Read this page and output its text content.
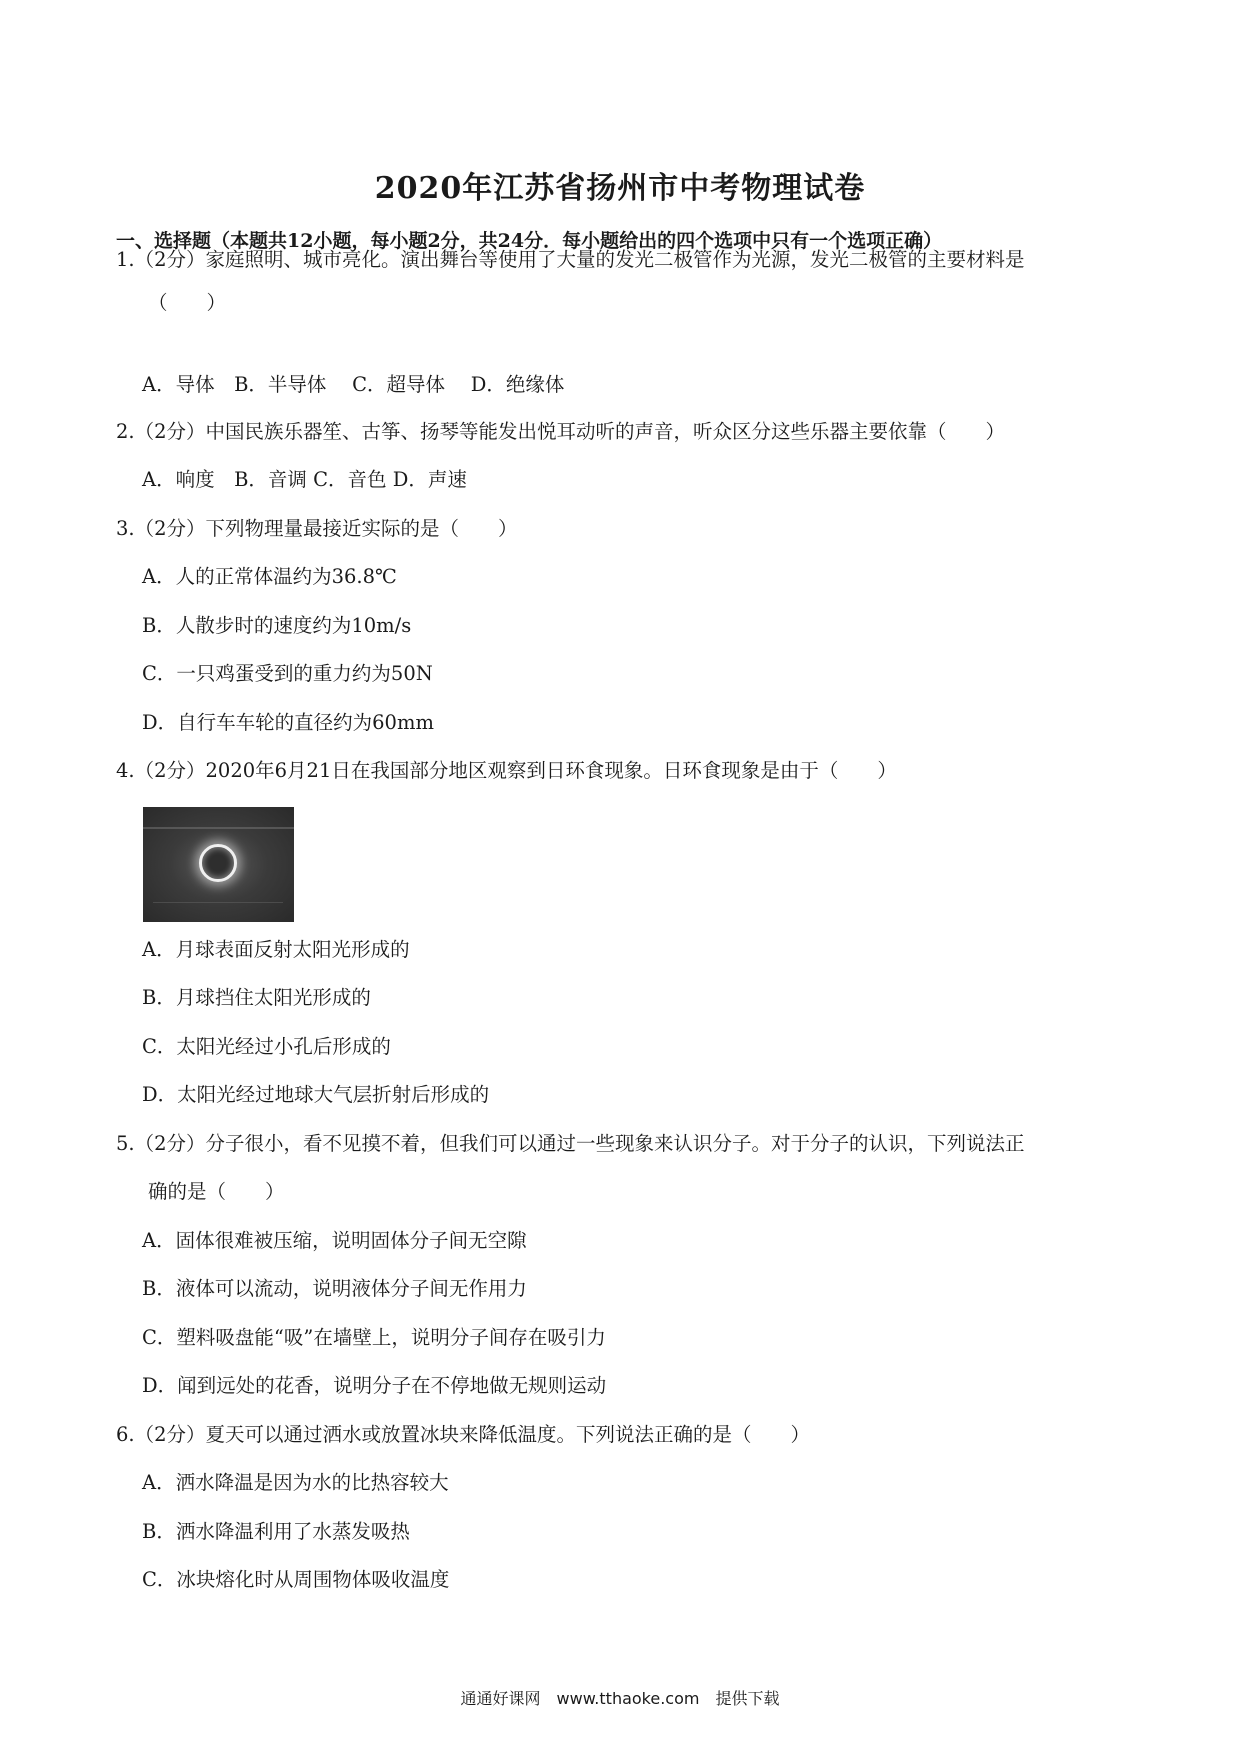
2020年江苏省扬州市中考物理试卷
一、选择题（本题共12小题，每小题2分，共24分．每小题给出的四个选项中只有一个选项正确）
1.（2分）家庭照明、城市亮化。演出舞台等使用了大量的发光二极管作为光源，发光二极管的主要材料是
（　　）
A．导体　B．半导体　 C．超导体　 D．绝缘体
2.（2分）中国民族乐器笙、古筝、扬琴等能发出悦耳动听的声音，听众区分这些乐器主要依靠（　　）
A．响度　B．音调 C．音色 D．声速
3.（2分）下列物理量最接近实际的是（　　）
A．人的正常体温约为36.8℃
B．人散步时的速度约为10m/s
C．一只鸡蛋受到的重力约为50N
D．自行车车轮的直径约为60mm
4.（2分）2020年6月21日在我国部分地区观察到日环食现象。日环食现象是由于（　　）
A．月球表面反射太阳光形成的
B．月球挡住太阳光形成的
C．太阳光经过小孔后形成的
D．太阳光经过地球大气层折射后形成的
5.（2分）分子很小，看不见摸不着，但我们可以通过一些现象来认识分子。对于分子的认识，下列说法正
确的是（　　）
A．固体很难被压缩，说明固体分子间无空隙
B．液体可以流动，说明液体分子间无作用力
C．塑料吸盘能“吸”在墙壁上，说明分子间存在吸引力
D．闻到远处的花香，说明分子在不停地做无规则运动
6.（2分）夏天可以通过洒水或放置冰块来降低温度。下列说法正确的是（　　）
A．洒水降温是因为水的比热容较大
B．洒水降温利用了水蒸发吸热
C．冰块熔化时从周围物体吸收温度
通通好课网　www.tthaoke.com　提供下载
